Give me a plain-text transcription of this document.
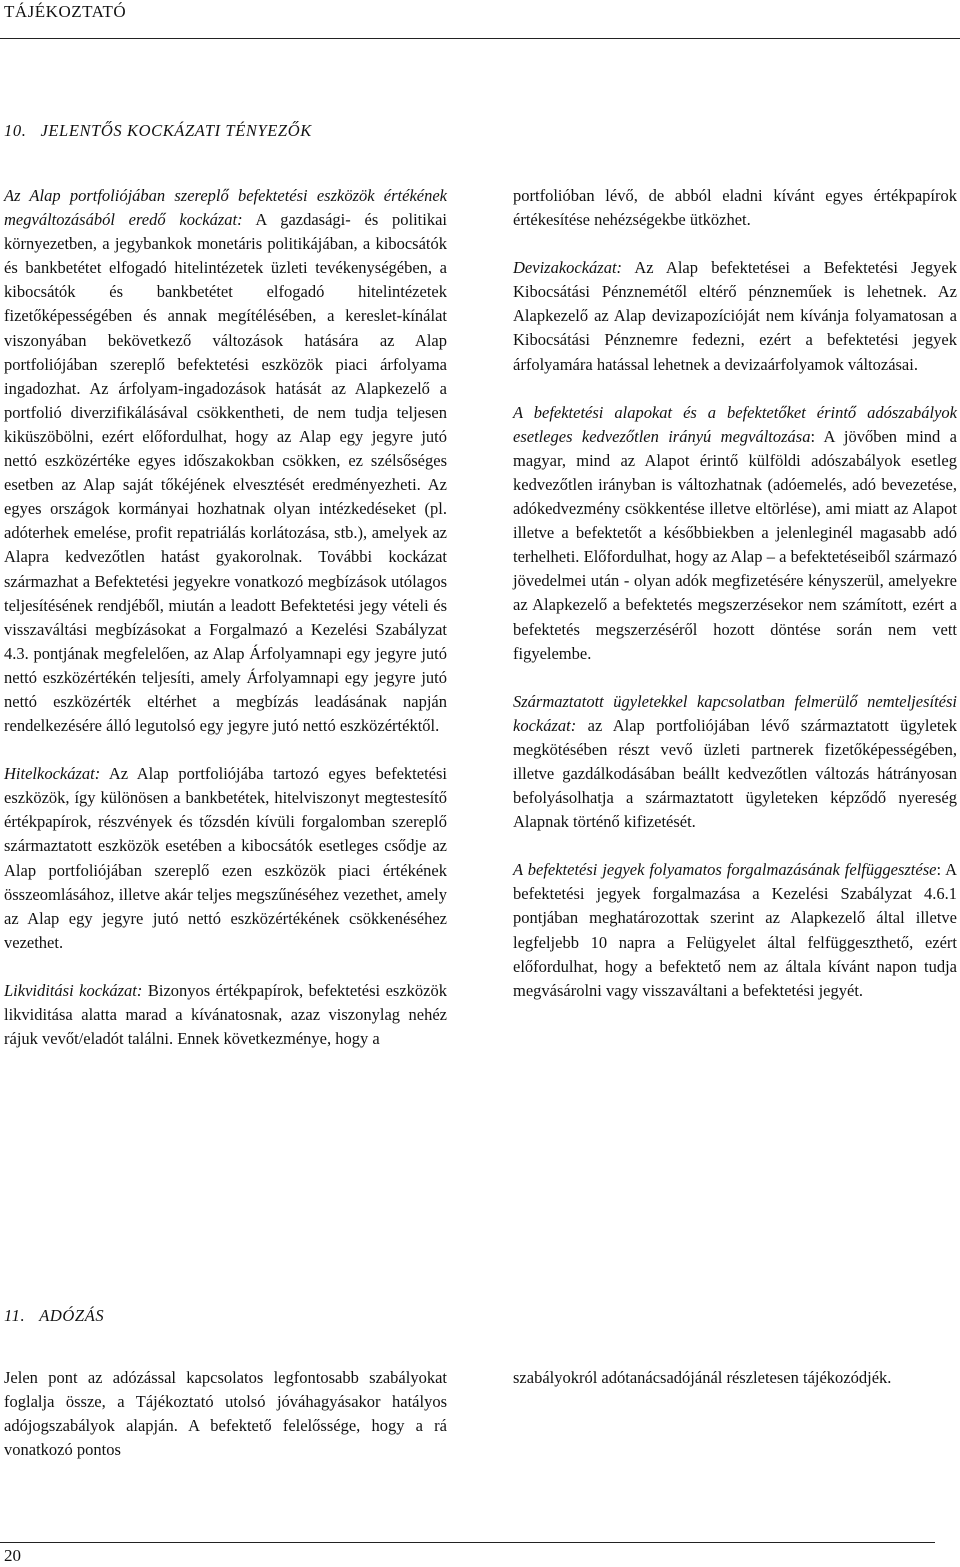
TÁJÉKOZTATÓ
10. JELENTŐS KOCKÁZATI TÉNYEZŐK

Az Alap portfoliójában szereplő befektetési eszközök értékének megváltozásából eredő kockázat: A gazdasági- és politikai környezetben, a jegybankok monetáris politikájában, a kibocsátók és bankbetétet elfogadó hitelintézetek üzleti tevékenységében, a kibocsátók és bankbetétet elfogadó hitelintézetek fizetőképességében és annak megítélésében, a kereslet-kínálat viszonyában bekövetkező változások hatására az Alap portfoliójában szereplő befektetési eszközök piaci árfolyama ingadozhat. Az árfolyam-ingadozások hatását az Alapkezelő a portfolió diverzifikálásával csökkentheti, de nem tudja teljesen kiküszöbölni, ezért előfordulhat, hogy az Alap egy jegyre jutó nettó eszközértéke egyes időszakokban csökken, ez szélsőséges esetben az Alap saját tőkéjének elvesztését eredményezheti. Az egyes országok kormányai hozhatnak olyan intézkedéseket (pl. adóterhek emelése, profit repatriálás korlátozása, stb.), amelyek az Alapra kedvezőtlen hatást gyakorolnak. További kockázat származhat a Befektetési jegyekre vonatkozó megbízások utólagos teljesítésének rendjéből, miután a leadott Befektetési jegy vételi és visszaváltási megbízásokat a Forgalmazó a Kezelési Szabályzat 4.3. pontjának megfelelően, az Alap Árfolyamnapi egy jegyre jutó nettó eszközértékén teljesíti, amely Árfolyamnapi egy jegyre jutó nettó eszközérték eltérhet a megbízás leadásának napján rendelkezésére álló legutolsó egy jegyre jutó nettó eszközértéktől.

Hitelkockázat: Az Alap portfoliójába tartozó egyes befektetési eszközök, így különösen a bankbetétek, hitelviszonyt megtestesítő értékpapírok, részvények és tőzsdén kívüli forgalomban szereplő származtatott eszközök esetében a kibocsátók esetleges csődje az Alap portfoliójában szereplő ezen eszközök piaci értékének összeomlásához, illetve akár teljes megszűnéséhez vezethet, amely az Alap egy jegyre jutó nettó eszközértékének csökkenéséhez vezethet.

Likviditási kockázat: Bizonyos értékpapírok, befektetési eszközök likviditása alatta marad a kívánatosnak, azaz viszonylag nehéz rájuk vevőt/eladót találni. Ennek következménye, hogy a

portfolióban lévő, de abból eladni kívánt egyes értékpapírok értékesítése nehézségekbe ütközhet.

Devizakockázat: Az Alap befektetései a Befektetési Jegyek Kibocsátási Pénznemétől eltérő pénzneműek is lehetnek. Az Alapkezelő az Alap devizapozícióját nem kívánja folyamatosan a Kibocsátási Pénznemre fedezni, ezért a befektetési jegyek árfolyamára hatással lehetnek a devizaárfolyamok változásai.

A befektetési alapokat és a befektetőket érintő adószabályok esetleges kedvezőtlen irányú megváltozása: A jövőben mind a magyar, mind az Alapot érintő külföldi adószabályok esetleg kedvezőtlen irányban is változhatnak (adóemelés, adó bevezetése, adókedvezmény csökkentése illetve eltörlése), ami miatt az Alapot illetve a befektetőt a későbbiekben a jelenleginél magasabb adó terhelheti. Előfordulhat, hogy az Alap – a befektetéseiből származó jövedelmei után - olyan adók megfizetésére kényszerül, amelyekre az Alapkezelő a befektetés megszerzésekor nem számított, ezért a befektetés megszerzéséről hozott döntése során nem vett figyelembe.

Származtatott ügyletekkel kapcsolatban felmerülő nemteljesítési kockázat: az Alap portfoliójában lévő származtatott ügyletek megkötésében részt vevő üzleti partnerek fizetőképességében, illetve gazdálkodásában beállt kedvezőtlen változás hátrányosan befolyásolhatja a származtatott ügyleteken képződő nyereség Alapnak történő kifizetését.

A befektetési jegyek folyamatos forgalmazásának felfüggesztése: A befektetési jegyek forgalmazása a Kezelési Szabályzat 4.6.1 pontjában meghatározottak szerint az Alapkezelő által illetve legfeljebb 10 napra a Felügyelet által felfüggeszthető, ezért előfordulhat, hogy a befektető nem az általa kívánt napon tudja megvásárolni vagy visszaváltani a befektetési jegyét.

11. ADÓZÁS

Jelen pont az adózással kapcsolatos legfontosabb szabályokat foglalja össze, a Tájékoztató utolsó jóváhagyásakor hatályos adójogszabályok alapján. A befektető felelőssége, hogy a rá vonatkozó pontos

szabályokról adótanácsadójánál részletesen tájékozódjék.

20
